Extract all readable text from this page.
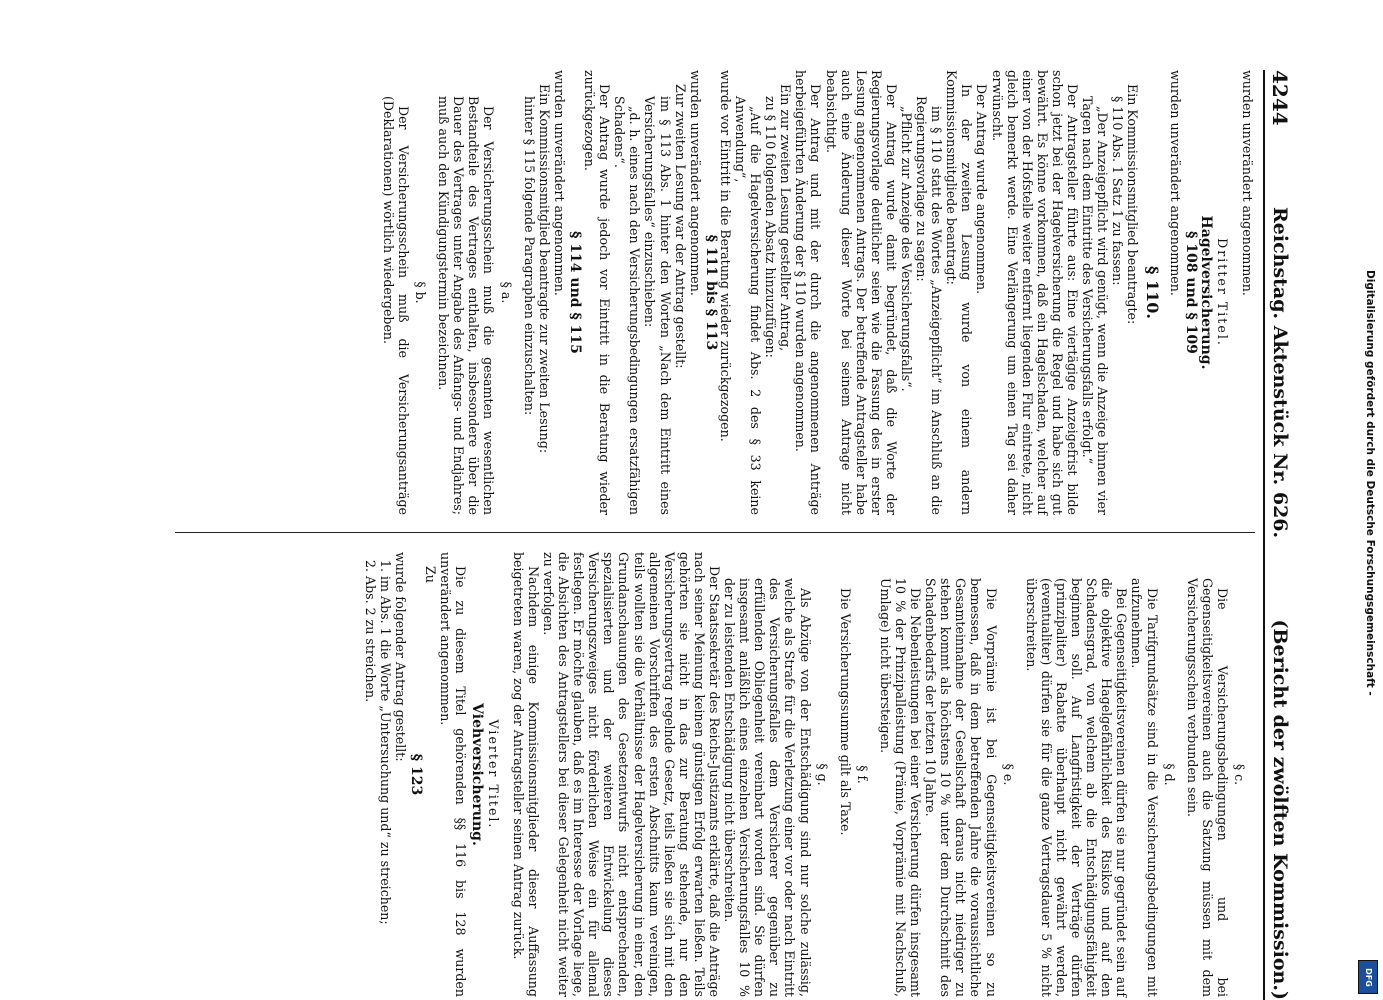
4244
Reichstag. Aktenstück Nr. 626.
(Bericht der zwölften Kommission.)

wurden unverändert angenommen.

Dritter Titel.

Hagelversicherung.

§ 108 und § 109

wurden unverändert angenommen.

§ 110.

Ein Kommissionsmitglied beantragte:

§ 110 Abs. 1 Satz 1 zu fassen:

„Der Anzeigepflicht wird genügt, wenn die Anzeige binnen vier Tagen nach dem Eintritte des Versicherungsfalls erfolgt.“

Der Antragsteller führte aus: Eine viertägige Anzeigefrist bilde schon jetzt bei der Hagelversicherung die Regel und habe sich gut bewährt. Es könne vorkommen, daß ein Hagelschaden, welcher auf einer von der Hofstelle weiter entfernt liegenden Flur eintrete, nicht gleich bemerkt werde. Eine Verlängerung um einen Tag sei daher erwünscht.

Der Antrag wurde angenommen.

In der zweiten Lesung wurde von einem andern Kommissionsmitgliede beantragt:

im § 110 statt des Wortes „Anzeigepflicht“ im Anschluß an die Regierungsvorlage zu sagen:

„Pflicht zur Anzeige des Versicherungsfalls“.

Der Antrag wurde damit begründet, daß die Worte der Regierungsvorlage deutlicher seien wie die Fassung des in erster Lesung angenommenen Antrags. Der betreffende Antragsteller habe auch eine Änderung dieser Worte bei seinem Antrage nicht beabsichtigt.

Der Antrag und mit der durch die angenommenen Anträge herbeigeführten Änderung der § 110 wurden angenommen.

Ein zur zweiten Lesung gestellter Antrag,

zu § 110 folgenden Absatz hinzuzufügen:

„Auf die Hagelversicherung findet Abs. 2 des § 33 keine Anwendung“,

wurde vor Eintritt in die Beratung wieder zurückgezogen.

§ 111 bis § 113

wurden unverändert angenommen.

Zur zweiten Lesung war der Antrag gestellt:

im § 113 Abs. 1 hinter den Worten „Nach dem Eintritt eines Versicherungsfalles“ einzuschieben:

„d. h. eines nach den Versicherungsbedingungen ersatzfähigen Schadens“.

Der Antrag wurde jedoch vor Eintritt in die Beratung wieder zurückgezogen.

§ 114 und § 115

wurden unverändert angenommen.

Ein Kommissionsmitglied beantragte zur zweiten Lesung:

hinter § 115 folgende Paragraphen einzuschalten:

§ a.

Der Versicherungsschein muß die gesamten wesentlichen Bestandteile des Vertrages enthalten, insbesondere über die Dauer des Vertrages unter Angabe des Anfangs- und Endjahres; muß auch den Kündigungstermin bezeichnen.

§ b.

Der Versicherungsschein muß die Versicherungsanträge (Deklarationen) wörtlich wiedergeben.

§ c.

Die Versicherungsbedingungen und bei Gegenseitigkeitsvereinen auch die Satzung müssen mit dem Versicherungsschein verbunden sein.

§ d.

Die Tarifgrundsätze sind in die Versicherungsbedingungen mit aufzunehmen.

Bei Gegenseitigkeitsvereinen dürfen sie nur gegründet sein auf die objektive Hagelgefährlichkeit des Risikos und auf den Schadensgrad, von welchem ab die Entschädigungsfähigkeit beginnen soll. Auf Langfristigkeit der Verträge dürfen (prinzipaliter) Rabatte überhaupt nicht gewährt werden, (eventualiter) dürfen sie für die ganze Vertragsdauer 5 % nicht überschreiten.

§ e.

Die Vorprämie ist bei Gegenseitigkeitsvereinen so zu bemessen, daß in dem betreffenden Jahre die voraussichtliche Gesamteinnahme der Gesellschaft daraus nicht niedriger zu stehen kommt als höchstens 10 % unter dem Durchschnitt des Schadenbedarfs der letzten 10 Jahre.

Die Nebenleistungen bei einer Versicherung dürfen insgesamt 10 % der Prinzipalleistung (Prämie, Vorprämie mit Nachschuß, Umlage) nicht übersteigen.

§ f.

Die Versicherungssumme gilt als Taxe.

§ g.

Als Abzüge von der Entschädigung sind nur solche zulässig, welche als Strafe für die Verletzung einer vor oder nach Eintritt des Versicherungsfalles dem Versicherer gegenüber zu erfüllenden Obliegenheit vereinbart worden sind. Sie dürfen insgesamt anläßlich eines einzelnen Versicherungsfalles 10 % der zu leistenden Entschädigung nicht überschreiten.

Der Staatssekretär des Reichs-Justizamts erklärte, daß die Anträge nach seiner Meinung keinen günstigen Erfolg erwarten ließen. Teils gehörten sie nicht in das zur Beratung stehende, nur den Versicherungsvertrag regelnde Gesetz, teils ließen sie sich mit den allgemeinen Vorschriften des ersten Abschnitts kaum vereinigen, teils wollten sie die Verhältnisse der Hagelversicherung in einer, den Grundanschauungen des Gesetzentwurfs nicht entsprechenden, spezialisierten und der weiteren Entwickelung dieses Versicherungszweiges nicht förderlichen Weise ein für allemal festlegen. Er möchte glauben, daß es im Interesse der Vorlage liege, die Absichten des Antragstellers bei dieser Gelegenheit nicht weiter zu verfolgen.

Nachdem einige Kommissionsmitglieder dieser Auffassung beigetreten waren, zog der Antragsteller seinen Antrag zurück.

Vierter Titel.

Viehversicherung.

Die zu diesem Titel gehörenden §§ 116 bis 128 wurden unverändert angenommen.

Zu

§ 123

wurde folgender Antrag gestellt:

1. im Abs. 1 die Worte „Untersuchung und“ zu streichen;

2. Abs. 2 zu streichen.	Digitalisierung gefördert durch die Deutsche Forschungsgemeinschaft -
DFG
